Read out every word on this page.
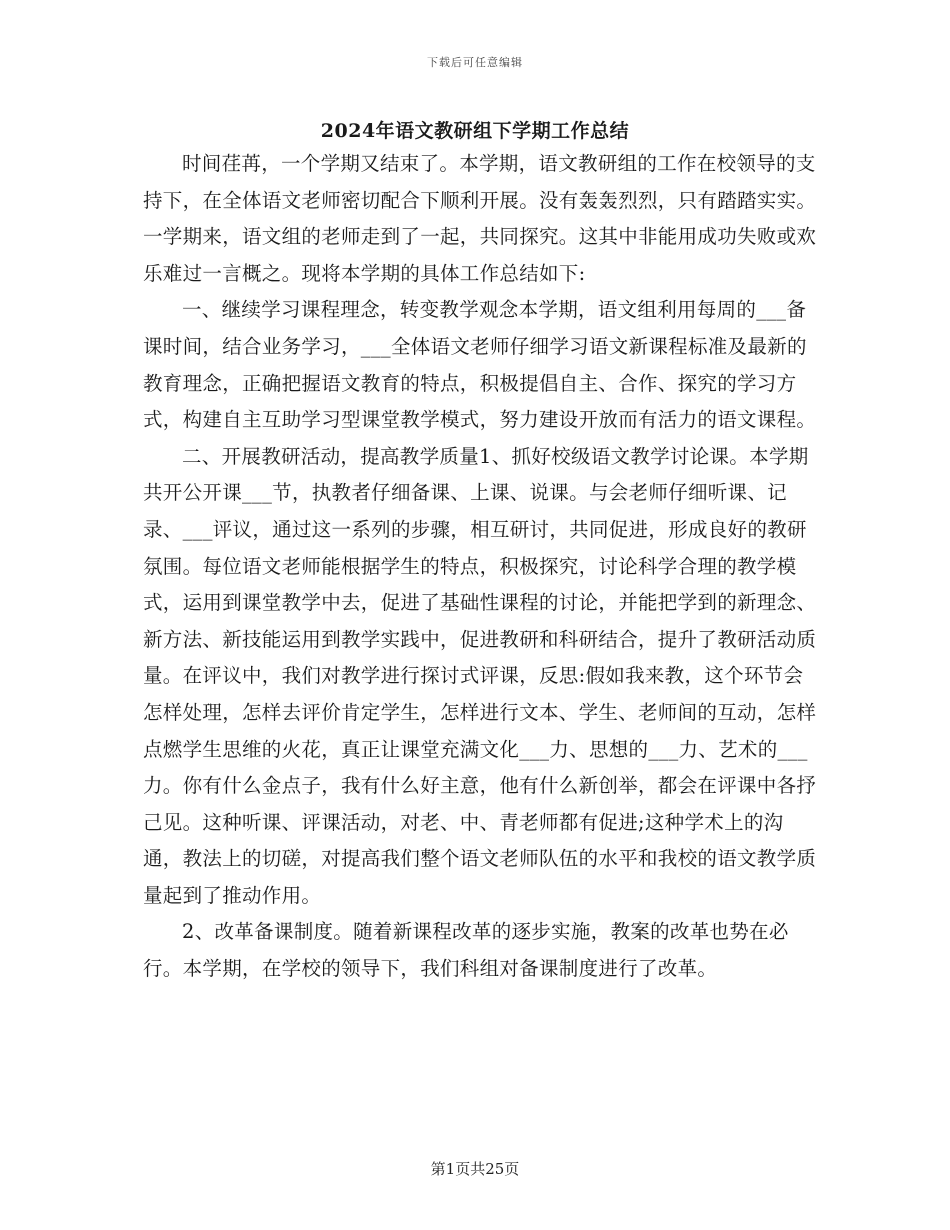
下载后可任意编辑
2024年语文教研组下学期工作总结

时间荏苒，一个学期又结束了。本学期，语文教研组的工作在校领导的支持下，在全体语文老师密切配合下顺利开展。没有轰轰烈烈，只有踏踏实实。一学期来，语文组的老师走到了一起，共同探究。这其中非能用成功失败或欢乐难过一言概之。现将本学期的具体工作总结如下:

一、继续学习课程理念，转变教学观念本学期，语文组利用每周的___备课时间，结合业务学习，___全体语文老师仔细学习语文新课程标准及最新的教育理念，正确把握语文教育的特点，积极提倡自主、合作、探究的学习方式，构建自主互助学习型课堂教学模式，努力建设开放而有活力的语文课程。

二、开展教研活动，提高教学质量1、抓好校级语文教学讨论课。本学期共开公开课___节，执教者仔细备课、上课、说课。与会老师仔细听课、记录、___评议，通过这一系列的步骤，相互研讨，共同促进，形成良好的教研氛围。每位语文老师能根据学生的特点，积极探究，讨论科学合理的教学模式，运用到课堂教学中去，促进了基础性课程的讨论，并能把学到的新理念、新方法、新技能运用到教学实践中，促进教研和科研结合，提升了教研活动质量。在评议中，我们对教学进行探讨式评课，反思:假如我来教，这个环节会怎样处理，怎样去评价肯定学生，怎样进行文本、学生、老师间的互动，怎样点燃学生思维的火花，真正让课堂充满文化___力、思想的___力、艺术的___力。你有什么金点子，我有什么好主意，他有什么新创举，都会在评课中各抒己见。这种听课、评课活动，对老、中、青老师都有促进;这种学术上的沟通，教法上的切磋，对提高我们整个语文老师队伍的水平和我校的语文教学质量起到了推动作用。

2、改革备课制度。随着新课程改革的逐步实施，教案的改革也势在必行。本学期，在学校的领导下，我们科组对备课制度进行了改革。

第1页共25页
